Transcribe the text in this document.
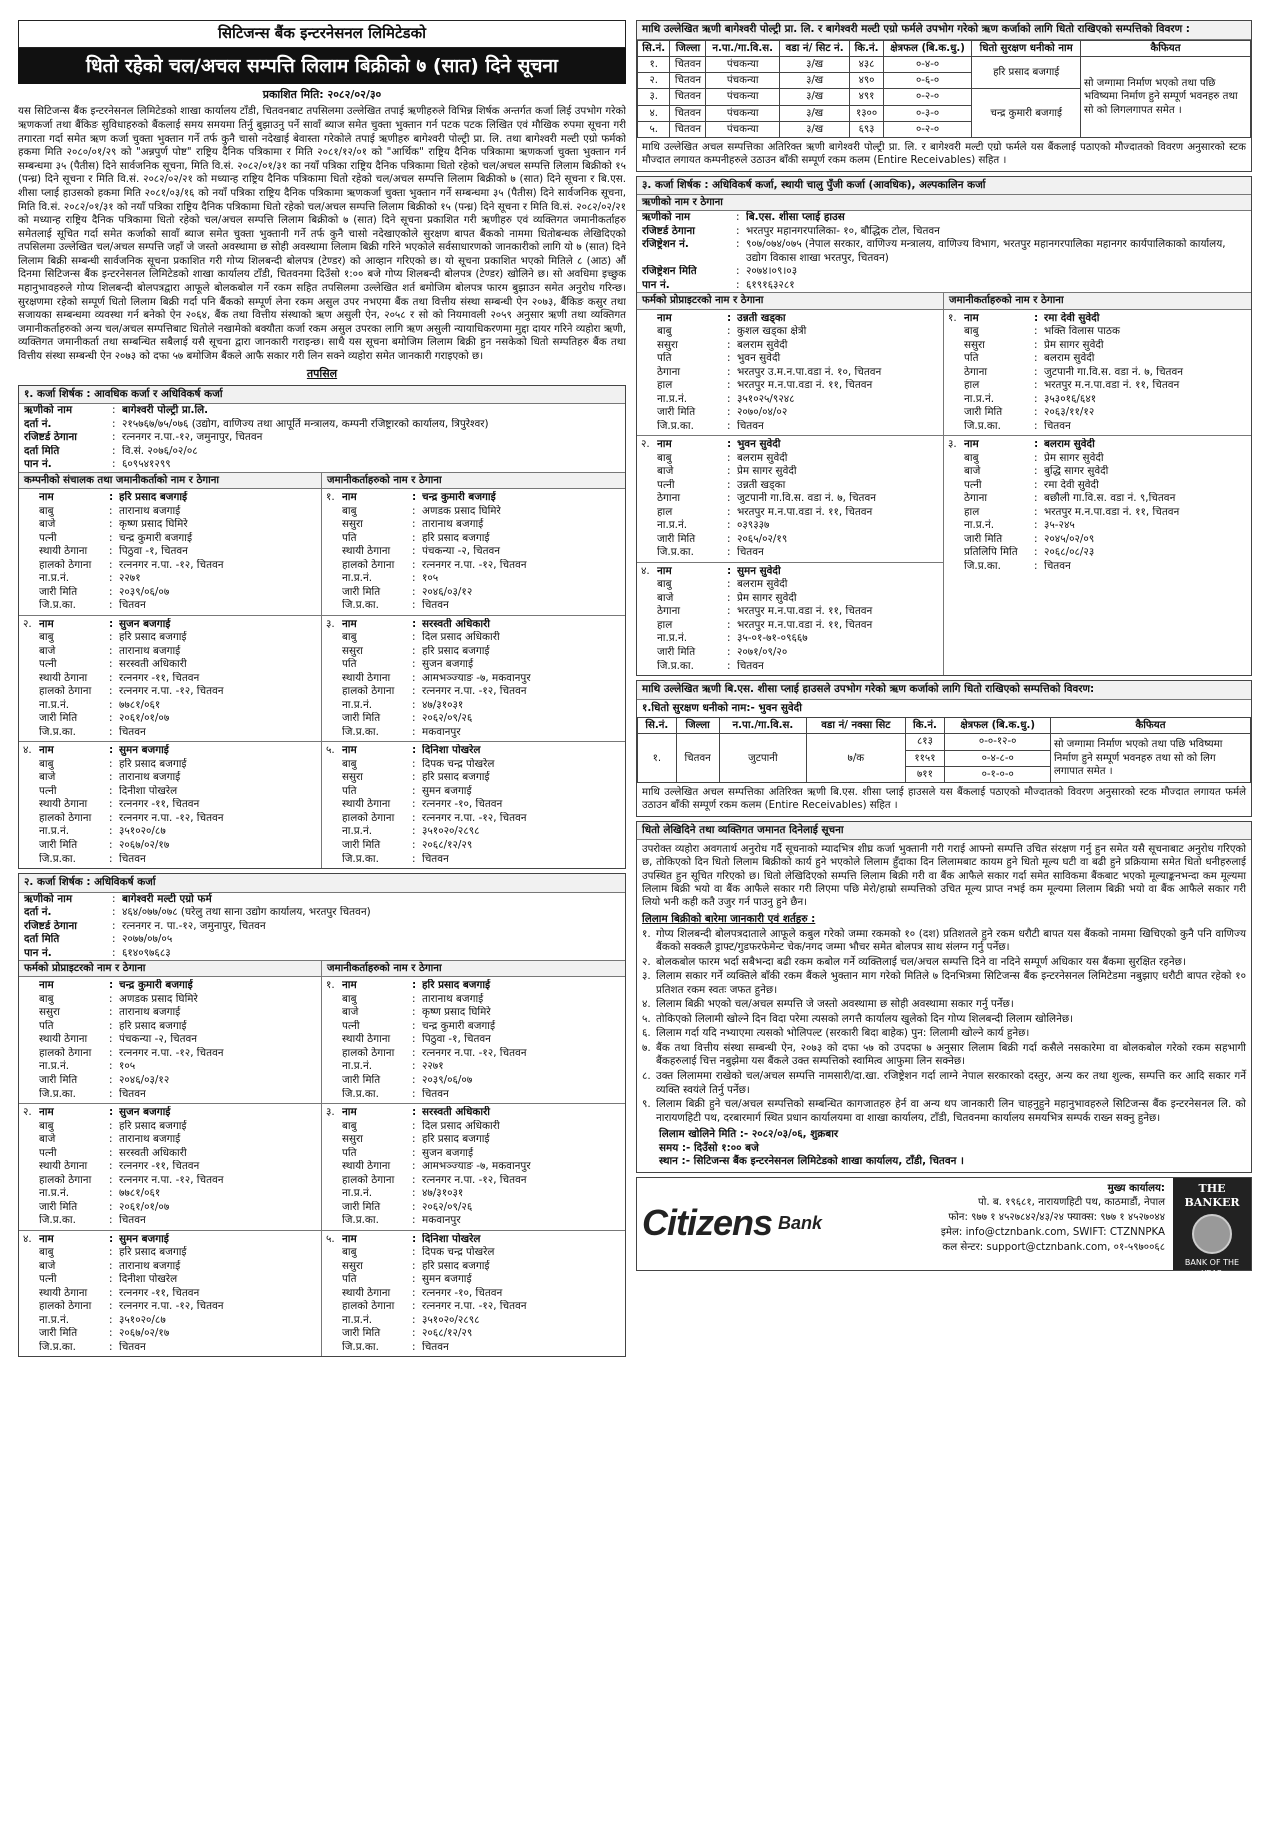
सिटिजन्स बैंक इन्टरनेसनल लिमिटेडको
धितो रहेको चल/अचल सम्पत्ति लिलाम बिक्रीको ७ (सात) दिने सूचना
प्रकाशित मिति: २०८२/०२/३०
यस सिटिजन्स बैंक इन्टरनेसनल लिमिटेडको शाखा कार्यालय टाँडी, चितवनबाट तपसिलमा उल्लेखित तपाई ऋणीहरुले विभिन्न शिर्षक अन्तर्गत कर्जा लिई उपभोग गरेको ऋणकर्जा तथा बैंकिङ सुविधाहरुको बैंकलाई समय समयमा तिर्नु बुझाउनु पर्ने सावाँ ब्याज समेत चुक्ता भुक्तान गर्न पटक पटक लिखित एवं मौखिक रुपमा सूचना गरी तगारता गर्दा समेत ऋण कर्जा चुक्ता भुक्तान गर्ने तर्फ कुनै चासो नदेखाई बेवास्ता गरेकोले तपाई ऋणीहरु बागेश्वरी पोल्ट्री प्रा. लि. तथा बागेश्वरी मल्टी एग्रो फर्मको हकमा मिति २०८०/०१/२९ को "अन्नपुर्ण पोष्ट" राष्ट्रिय दैनिक पत्रिकामा र मिति २०८१/१२/०१ को "आर्थिक" राष्ट्रिय दैनिक पत्रिकामा ऋणकर्जा चुक्ता भुक्तान गर्न सम्बन्धमा ३५ (पैतीस) दिने सार्वजनिक सूचना, मिति वि.सं. २०८२/०१/३१ का नयाँ पत्रिका राष्ट्रिय दैनिक पत्रिकामा धितो रहेको चल/अचल सम्पत्ति लिलाम बिक्रीको १५ (पन्ध्र) दिने सूचना र मिति वि.सं. २०८२/०२/२१ को मध्यान्ह राष्ट्रिय दैनिक पत्रिकामा धितो रहेको चल/अचल सम्पत्ति लिलाम बिक्रीको ७ (सात) दिने सूचना र बि.एस. शीसा प्लाई हाउसको हकमा मिति २०८१/०३/१६ को नयाँ पत्रिका राष्ट्रिय दैनिक पत्रिकामा ऋणकर्जा चुक्ता भुक्तान गर्ने सम्बन्धमा ३५ (पैतीस) दिने सार्वजनिक सूचना, मिति वि.सं. २०८२/०१/३१ को नयाँ पत्रिका राष्ट्रिय दैनिक पत्रिकामा धितो रहेको चल/अचल सम्पत्ति लिलाम बिक्रीको १५ (पन्ध्र) दिने सूचना र मिति वि.सं. २०८२/०२/२१ को मध्यान्ह राष्ट्रिय दैनिक पत्रिकामा धितो रहेको चल/अचल सम्पत्ति लिलाम बिक्रीको ७ (सात) दिने सूचना प्रकाशित गरी ऋणीहरु एवं व्यक्तिगत जमानीकर्ताहरु समेतलाई सूचित गर्दा समेत कर्जाको सावाँ ब्याज समेत चुक्ता भुक्तानी गर्ने तर्फ कुनै चासो नदेखाएकोले सुरक्षण बापत बैंकको नाममा धितोबन्धक लेखिदिएको तपसिलमा उल्लेखित चल/अचल सम्पत्ति जहाँ जे जस्तो अवस्थामा छ सोही अवस्थामा लिलाम बिक्री गरिने भएकोले सर्वसाधारणको जानकारीको लागि यो ७ (सात) दिने लिलाम बिक्री सम्बन्धी सार्वजनिक सूचना प्रकाशित गरी गोप्य शिलबन्दी बोलपत्र (टेण्डर) को आव्हान गरिएको छ। यो सूचना प्रकाशित भएको मितिले ८ (आठ) औं दिनमा सिटिजन्स बैंक इन्टरनेसनल लिमिटेडको शाखा कार्यालय टाँडी, चितवनमा दिउँसो १:०० बजे गोप्य शिलबन्दी बोलपत्र (टेण्डर) खोलिने छ। सो अवधिमा इच्छुक महानुभावहरुले गोप्य शिलबन्दी बोलपत्रद्वारा आफूले बोलकबोल गर्ने रकम सहित तपसिलमा उल्लेखित शर्त बमोजिम बोलपत्र फारम बुझाउन समेत अनुरोध गरिन्छ। सुरक्षणमा रहेको सम्पूर्ण धितो लिलाम बिक्री गर्दा पनि बैंकको सम्पूर्ण लेना रकम असुल उपर नभएमा बैंक तथा वित्तीय संस्था सम्बन्धी ऐन २०७३, बैंकिङ कसुर तथा सजायका सम्बन्धमा व्यवस्था गर्न बनेको ऐन २०६४, बैंक तथा वित्तीय संस्थाको ऋण असुली ऐन, २०५८ र सो को नियमावली २०५९ अनुसार ऋणी तथा व्यक्तिगत जमानीकर्ताहरुको अन्य चल/अचल सम्पत्तिबाट धितोले नखामेको बक्यौता कर्जा रकम असुल उपरका लागि ऋण असुली न्यायाधिकरणमा मुद्दा दायर गरिने व्यहोरा ऋणी, व्यक्तिगत जमानीकर्ता तथा सम्बन्धित सबैलाई यसै सूचना द्वारा जानकारी गराइन्छ। साथै यस सूचना बमोजिम लिलाम बिक्री हुन नसकेको धितो सम्पतिहरु बैंक तथा वित्तीय संस्था सम्बन्धी ऐन २०७३ को दफा ५७ बमोजिम बैंकले आफै सकार गरी लिन सक्ने व्यहोरा समेत जानकारी गराइएको छ।
तपसिल
१. कर्जा शिर्षक : आवधिक कर्जा र अधिविकर्ष कर्जा
ऋणीको नाम	: बागेश्वरी पोल्ट्री प्रा.लि.
दर्ता नं.	: २१५७६७/७५/०७६ (उद्योग, वाणिज्य तथा आपूर्ति मन्त्रालय, कम्पनी रजिष्ट्रारको कार्यालय, त्रिपुरेश्वर)
रजिष्टर्ड ठेगाना	: रत्ननगर न.पा.-१२, जमुनापुर, चितवन
दर्ता मिति	: वि.सं. २०७६/०२/०८
पान नं.	: ६०९५४१२९९
कम्पनीको संचालक तथा जमानीकर्ताको नाम र ठेगाना
नाम	: हरि प्रसाद बजगाई
बाबु	: तारानाथ बजगाई
बाजे	: कृष्ण प्रसाद घिमिरे
पत्नी	: चन्द्र कुमारी बजगाई
स्थायी ठेगाना	: पिठुवा -१, चितवन
हालको ठेगाना	: रत्ननगर न.पा. -१२, चितवन
ना.प्र.नं.	: २२७१
जारी मिति	: २०३९/०६/०७
जि.प्र.का.	: चितवन
२. नाम	: सुजन बजगाई
बाबु	: हरि प्रसाद बजगाई
बाजे	: तारानाथ बजगाई
पत्नी	: सरस्वती अधिकारी
स्थायी ठेगाना	: रत्ननगर -११, चितवन
हालको ठेगाना	: रत्ननगर न.पा. -१२, चितवन
ना.प्र.नं.	: ७७८१/०६१
जारी मिति	: २०६१/०१/०७
जि.प्र.का.	: चितवन
४. नाम	: सुमन बजगाई
बाबु	: हरि प्रसाद बजगाई
बाजे	: तारानाथ बजगाई
पत्नी	: दिनीशा पोखरेल
स्थायी ठेगाना	: रत्ननगर -११, चितवन
हालको ठेगाना	: रत्ननगर न.पा. -१२, चितवन
ना.प्र.नं.	: ३५१०२०/८७
जारी मिति	: २०६७/०२/१७
जि.प्र.का.	: चितवन
जमानीकर्ताहरुको नाम र ठेगाना
१. नाम	: चन्द्र कुमारी बजगाई
बाबु	: अणडक प्रसाद घिमिरे
ससुरा	: तारानाथ बजगाई
पति	: हरि प्रसाद बजगाई
स्थायी ठेगाना	: पंचकन्या -२, चितवन
हालको ठेगाना	: रत्ननगर न.पा. -१२, चितवन
ना.प्र.नं.	: १०५
जारी मिति	: २०४६/०३/१२
जि.प्र.का.	: चितवन
३. नाम	: सरस्वती अधिकारी
बाबु	: दिल प्रसाद अधिकारी
ससुरा	: हरि प्रसाद बजगाई
पति	: सुजन बजगाई
स्थायी ठेगाना	: आमभञ्ज्याङ -७, मकवानपुर
हालको ठेगाना	: रत्ननगर न.पा. -१२, चितवन
ना.प्र.नं.	: ४७/३१०३१
जारी मिति	: २०६२/०९/२६
जि.प्र.का.	: मकवानपुर
५. नाम	: दिनिशा पोखरेल
बाबु	: दिपक चन्द्र पोखरेल
ससुरा	: हरि प्रसाद बजगाई
पति	: सुमन बजगाई
स्थायी ठेगाना	: रत्ननगर -१०, चितवन
हालको ठेगाना	: रत्ननगर न.पा. -१२, चितवन
ना.प्र.नं.	: ३५१०२०/२८९८
जारी मिति	: २०६८/१२/२९
जि.प्र.का.	: चितवन
२. कर्जा शिर्षक : अधिविकर्ष कर्जा
ऋणीको नाम	: बागेश्वरी मल्टी एग्रो फर्म
दर्ता नं.	: ४६४/०७७/०७८ (घरेलु तथा साना उद्योग कार्यालय, भरतपुर चितवन)
रजिष्टर्ड ठेगाना	: रत्ननगर न. पा.-१२, जमुनापुर, चितवन
दर्ता मिति	: २०७७/०७/०५
पान नं.	: ६१४०९७६८३
फर्मको प्रोप्राइटरको नाम र ठेगाना
नाम	: चन्द्र कुमारी बजगाई
बाबु	: अणडक प्रसाद घिमिरे
ससुरा	: तारानाथ बजगाई
पति	: हरि प्रसाद बजगाई
स्थायी ठेगाना	: पंचकन्या -२, चितवन
हालको ठेगाना	: रत्ननगर न.पा. -१२, चितवन
ना.प्र.नं.	: १०५
जारी मिति	: २०४६/०३/१२
जि.प्र.का.	: चितवन
२. नाम	: सुजन बजगाई
बाबु	: हरि प्रसाद बजगाई
बाजे	: तारानाथ बजगाई
पत्नी	: सरस्वती अधिकारी
स्थायी ठेगाना	: रत्ननगर -११, चितवन
हालको ठेगाना	: रत्ननगर न.पा. -१२, चितवन
ना.प्र.नं.	: ७७८१/०६१
जारी मिति	: २०६१/०१/०७
जि.प्र.का.	: चितवन
४. नाम	: सुमन बजगाई
बाबु	: हरि प्रसाद बजगाई
बाजे	: तारानाथ बजगाई
पत्नी	: दिनीशा पोखरेल
स्थायी ठेगाना	: रत्ननगर -११, चितवन
हालको ठेगाना	: रत्ननगर न.पा. -१२, चितवन
ना.प्र.नं.	: ३५१०२०/८७
जारी मिति	: २०६७/०२/१७
जि.प्र.का.	: चितवन
जमानीकर्ताहरुको नाम र ठेगाना
१. नाम	: हरि प्रसाद बजगाई
बाबु	: तारानाथ बजगाई
बाजे	: कृष्ण प्रसाद घिमिरे
पत्नी	: चन्द्र कुमारी बजगाई
स्थायी ठेगाना	: पिठुवा -१, चितवन
हालको ठेगाना	: रत्ननगर न.पा. -१२, चितवन
ना.प्र.नं.	: २२७१
जारी मिति	: २०३९/०६/०७
जि.प्र.का.	: चितवन
३. नाम	: सरस्वती अधिकारी
बाबु	: दिल प्रसाद अधिकारी
ससुरा	: हरि प्रसाद बजगाई
पति	: सुजन बजगाई
स्थायी ठेगाना	: आमभञ्ज्याङ -७, मकवानपुर
हालको ठेगाना	: रत्ननगर न.पा. -१२, चितवन
ना.प्र.नं.	: ४७/३१०३१
जारी मिति	: २०६२/०९/२६
जि.प्र.का.	: मकवानपुर
५. नाम	: दिनिशा पोखरेल
बाबु	: दिपक चन्द्र पोखरेल
ससुरा	: हरि प्रसाद बजगाई
पति	: सुमन बजगाई
स्थायी ठेगाना	: रत्ननगर -१०, चितवन
हालको ठेगाना	: रत्ननगर न.पा. -१२, चितवन
ना.प्र.नं.	: ३५१०२०/२८९८
जारी मिति	: २०६८/१२/२९
जि.प्र.का.	: चितवन
माथि उल्लेखित ऋणी बागेश्वरी पोल्ट्री प्रा. लि. र बागेश्वरी मल्टी एग्रो फर्मले उपभोग गरेको ऋण कर्जाको लागि धितो राखिएको सम्पत्तिको विवरण :
सि.नं.	जिल्ला	न.पा./गा.वि.स.	वडा नं/ सिट नं.	कि.नं.	क्षेत्रफल (बि.क.धु.)	धितो सुरक्षण धनीको नाम	कैफियत
१.	चितवन	पंचकन्या	३/ख	४३८	०-४-०	हरि प्रसाद बजगाई	सो जग्गामा निर्माण भएको तथा पछि भविष्यमा निर्माण हुने सम्पूर्ण भवनहरु तथा सो को लिगलगापत समेत ।
२.	चितवन	पंचकन्या	३/ख	४९०	०-६-०		
३.	चितवन	पंचकन्या	३/ख	४९१	०-२-०	चन्द्र कुमारी बजगाई	
४.	चितवन	पंचकन्या	३/ख	१३००	०-३-०		
५.	चितवन	पंचकन्या	३/ख	६९३	०-२-०		
माथि उल्लेखित अचल सम्पत्तिका अतिरिक्त ऋणी बागेश्वरी पोल्ट्री प्रा. लि. र बागेश्वरी मल्टी एग्रो फर्मले यस बैंकलाई पठाएको मौज्दातको विवरण अनुसारको स्टक मौज्दात लगायत कम्पनीहरुले उठाउन बाँकी सम्पूर्ण रकम कलम (Entire Receivables) सहित ।
३. कर्जा शिर्षक : अधिविकर्ष कर्जा, स्थायी चालु पुँजी कर्जा (आवधिक), अल्पकालिन कर्जा
ऋणीको नाम र ठेगाना
ऋणीको नाम	: बि.एस. शीसा प्लाई हाउस
रजिष्टर्ड ठेगाना	: भरतपुर महानगरपालिका- १०, बौद्धिक टोल, चितवन
रजिष्ट्रेशन नं.	: ९०७/०७४/०७५ (नेपाल सरकार, वाणिज्य मन्त्रालय, वाणिज्य विभाग, भरतपुर महानगरपालिका महानगर कार्यपालिकाको कार्यालय, उद्योग विकास शाखा भरतपुर, चितवन)
रजिष्ट्रेशन मिति	: २०७४।०९।०३
पान नं.	: ६१९१६३२८१
फर्मको प्रोप्राइटरको नाम र ठेगाना
नाम	: उन्नती खड्का
बाबु	: कुशल खड्का क्षेत्री
ससुरा	: बलराम सुवेदी
पति	: भुवन सुवेदी
ठेगाना	: भरतपुर उ.म.न.पा.वडा नं. १०, चितवन
हाल	: भरतपुर म.न.पा.वडा नं. ११, चितवन
ना.प्र.नं.	: ३५१०२५/९२४८
जारी मिति	: २०७०/०४/०२
जि.प्र.का.	: चितवन
२. नाम	: भुवन सुवेदी
बाबु	: बलराम सुवेदी
बाजे	: प्रेम सागर सुवेदी
पत्नी	: उन्नती खड्का
ठेगाना	: जुटपानी गा.वि.स. वडा नं. ७, चितवन
हाल	: भरतपुर म.न.पा.वडा नं. ११, चितवन
ना.प्र.नं.	: ०३९३३७
जारी मिति	: २०६५/०२/१९
जि.प्र.का.	: चितवन
४. नाम	: सुमन सुवेदी
बाबु	: बलराम सुवेदी
बाजे	: प्रेम सागर सुवेदी
ठेगाना	: भरतपुर म.न.पा.वडा नं. ११, चितवन
हाल	: भरतपुर म.न.पा.वडा नं. ११, चितवन
ना.प्र.नं.	: ३५-०१-७१-०९६६७
जारी मिति	: २०७१/०९/२०
जि.प्र.का.	: चितवन
जमानीकर्ताहरुको नाम र ठेगाना
१. नाम	: रमा देवी सुवेदी
बाबु	: भक्ति विलास पाठक
ससुरा	: प्रेम सागर सुवेदी
पति	: बलराम सुवेदी
ठेगाना	: जुटपानी गा.वि.स. वडा नं. ७, चितवन
हाल	: भरतपुर म.न.पा.वडा नं. ११, चितवन
ना.प्र.नं.	: ३५३०१६/६४१
जारी मिति	: २०६३/११/१२
जि.प्र.का.	: चितवन
३. नाम	: बलराम सुवेदी
बाबु	: प्रेम सागर सुवेदी
बाजे	: बुद्धि सागर सुवेदी
पत्नी	: रमा देवी सुवेदी
ठेगाना	: बछौली गा.वि.स. वडा नं. ९,चितवन
हाल	: भरतपुर म.न.पा.वडा नं. ११, चितवन
ना.प्र.नं.	: ३५-२४५
जारी मिति	: २०४५/०२/०९
प्रतिलिपि मिति	: २०६८/०८/२३
जि.प्र.का.	: चितवन
माथि उल्लेखित ऋणी बि.एस. शीसा प्लाई हाउसले उपभोग गरेको ऋण कर्जाको लागि धितो राखिएको सम्पत्तिको विवरण:
१.धितो सुरक्षण धनीको नाम:- भुवन सुवेदी
सि.नं.	जिल्ला	न.पा./गा.वि.स.	वडा नं/ नक्सा सिट	कि.नं.	क्षेत्रफल (बि.क.धु.)	कैफियत
१.	चितवन	जुटपानी	७/क	८१३	०-०-१२-०	सो जग्गामा निर्माण भएको तथा पछि भविष्यमा निर्माण हुने सम्पूर्ण भवनहरु तथा सो को लिग लगापात समेत ।
				११५१	०-४-८-०	
				७११	०-१-०-०	
माथि उल्लेखित अचल सम्पत्तिका अतिरिक्त ऋणी बि.एस. शीसा प्लाई हाउसले यस बैंकलाई पठाएको मौज्दातको विवरण अनुसारको स्टक मौज्दात लगायत फर्मले उठाउन बाँकी सम्पूर्ण रकम कलम (Entire Receivables) सहित ।
धितो लेखिदिने तथा व्यक्तिगत जमानत दिनेलाई सूचना
उपरोक्त व्यहोरा अवगतार्थ अनुरोध गर्दै सूचनाको म्यादभित्र शीघ्र कर्जा भुक्तानी गरी गराई आफ्नो सम्पत्ति उचित संरक्षण गर्नु हुन समेत यसै सूचनाबाट अनुरोध गरिएको छ, तोकिएको दिन धितो लिलाम बिक्रीको कार्य हुने भएकोले लिलाम हुँदाका दिन लिलामबाट कायम हुने धितो मूल्य घटी वा बढी हुने प्रक्रियामा समेत धितो धनीहरुलाई उपस्थित हुन सूचित गरिएको छ। धितो लेखिदिएको सम्पत्ति लिलाम बिक्री गरी वा बैंक आफैले सकार गर्दा समेत साविकमा बैंकबाट भएको मूल्याङ्कनभन्दा कम मूल्यमा लिलाम बिक्री भयो वा बैंक आफैले सकार गरी लिएमा पछि मेरो/हाम्रो सम्पत्तिको उचित मूल्य प्राप्त नभई कम मूल्यमा लिलाम बिक्री भयो वा बैंक आफैले सकार गरी लियो भनी कही कतै उजुर गर्न पाउनु हुने छैन।
लिलाम बिक्रीको बारेमा जानकारी एवं शर्तहरु :
१. गोप्य शिलबन्दी बोलपत्रदाताले आफूले कबुल गरेको जम्मा रकमको १० (दश) प्रतिशतले हुने रकम धरौटी बापत यस बैंकको नाममा खिचिएको कुनै पनि वाणिज्य बैंकको सक्कलै ड्राफ्ट/गुडफरफेमेन्ट चेक/नगद जम्मा भौचर समेत बोलपत्र साथ संलग्न गर्नु पर्नेछ।
२. बोलकबोल फारम भर्दा सबैभन्दा बढी रकम कबोल गर्ने व्यक्तिलाई चल/अचल सम्पत्ति दिने वा नदिने सम्पूर्ण अधिकार यस बैंकमा सुरक्षित रहनेछ।
३. लिलाम सकार गर्ने व्यक्तिले बाँकी रकम बैंकले भुक्तान माग गरेको मितिले ७ दिनभित्रमा सिटिजन्स बैंक इन्टरनेसनल लिमिटेडमा नबुझाए धरौटी बापत रहेको १० प्रतिशत रकम स्वतः जफत हुनेछ।
४. लिलाम बिक्री भएको चल/अचल सम्पत्ति जे जस्तो अवस्थामा छ सोही अवस्थामा सकार गर्नु पर्नेछ।
५. तोकिएको लिलामी खोल्ने दिन विदा परेमा त्यसको लगत्तै कार्यालय खुलेको दिन गोप्य शिलबन्दी लिलाम खोलिनेछ।
६. लिलाम गर्दा यदि नभ्याएमा त्यसको भोलिपल्ट (सरकारी बिदा बाहेक) पुन: लिलामी खोल्ने कार्य हुनेछ।
७. बैंक तथा वित्तीय संस्था सम्बन्धी ऐन, २०७३ को दफा ५७ को उपदफा ७ अनुसार लिलाम बिक्री गर्दा कसैले नसकारेमा वा बोलकबोल गरेको रकम सहभागी बैंकहरुलाई चित्त नबुझेमा यस बैंकले उक्त सम्पत्तिको स्वामित्व आफुमा लिन सक्नेछ।
८. उक्त लिलाममा राखेको चल/अचल सम्पत्ति नामसारी/दा.खा. रजिष्ट्रेशन गर्दा लाग्ने नेपाल सरकारको दस्तुर, अन्य कर तथा शुल्क, सम्पत्ति कर आदि सकार गर्ने व्यक्ति स्वयंले तिर्नु पर्नेछ।
९. लिलाम बिक्री हुने चल/अचल सम्पत्तिको सम्बन्धित कागजातहरु हेर्न वा अन्य थप जानकारी लिन चाहनुहुने महानुभावहरुले सिटिजन्स बैंक इन्टरनेसनल लि. को नारायणहिटी पथ, दरबारमार्ग स्थित प्रधान कार्यालयमा वा शाखा कार्यालय, टाँडी, चितवनमा कार्यालय समयभित्र सम्पर्क राख्न सक्नु हुनेछ।
लिलाम खोलिने मिति :- २०८२/०३/०६, शुक्रबार
समय :- दिउँसो १:०० बजे
स्थान :- सिटिजन्स बैंक इन्टरनेसनल लिमिटेडको शाखा कार्यालय, टाँडी, चितवन ।
Citizens Bank
मुख्य कार्यालय:
पो. ब. १९६८१, नारायणहिटी पथ, काठमाडौं, नेपाल
फोन: ९७७ १ ४५२७८४२/४३/२४ फ्याक्स: ९७७ १ ४५२७०४४
इमेल: info@ctznbank.com, SWIFT: CTZNNPKA
कल सेन्टर: support@ctznbank.com, ०१-५९७००६८
THE BANKER
BANK OF THE YEAR
2024
